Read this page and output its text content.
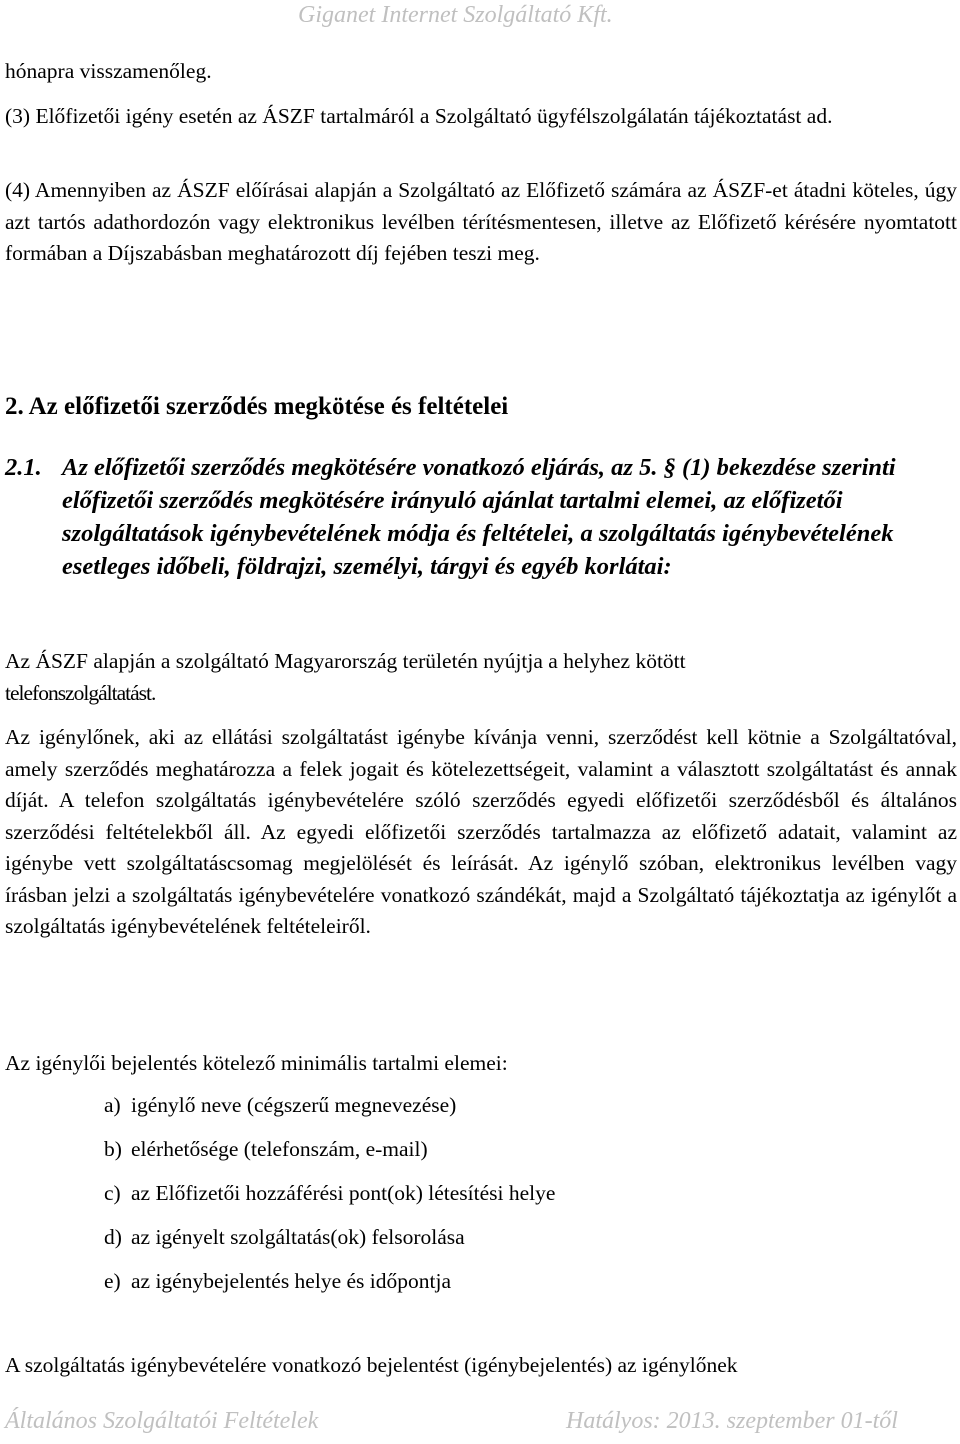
Giganet Internet Szolgáltató Kft.
hónapra visszamenőleg.
(3) Előfizetői igény esetén az ÁSZF tartalmáról a Szolgáltató ügyfélszolgálatán tájékoztatást ad.
(4) Amennyiben az ÁSZF előírásai alapján a Szolgáltató az Előfizető számára az ÁSZF-et átadni köteles, úgy azt tartós adathordozón vagy elektronikus levélben térítésmentesen, illetve az Előfizető kérésére nyomtatott formában a Díjszabásban meghatározott díj fejében teszi meg.
2. Az előfizetői szerződés megkötése és feltételei
2.1. Az előfizetői szerződés megkötésére vonatkozó eljárás, az 5. § (1) bekezdése szerinti előfizetői szerződés megkötésére irányuló ajánlat tartalmi elemei, az előfizetői szolgáltatások igénybevételének módja és feltételei, a szolgáltatás igénybevételének esetleges időbeli, földrajzi, személyi, tárgyi és egyéb korlátai:
Az ÁSZF alapján a szolgáltató Magyarország területén nyújtja a helyhez kötött
telefonszolgáltatást.
Az igénylőnek, aki az ellátási szolgáltatást igénybe kívánja venni, szerződést kell kötnie a Szolgáltatóval, amely szerződés meghatározza a felek jogait és kötelezettségeit, valamint a választott szolgáltatást és annak díját. A telefon szolgáltatás igénybevételére szóló szerződés egyedi előfizetői szerződésből és általános szerződési feltételekből áll. Az egyedi előfizetői szerződés tartalmazza az előfizető adatait, valamint az igénybe vett szolgáltatáscsomag megjelölését és leírását. Az igénylő szóban, elektronikus levélben vagy írásban jelzi a szolgáltatás igénybevételére vonatkozó szándékát, majd a Szolgáltató tájékoztatja az igénylőt a szolgáltatás igénybevételének feltételeiről.
Az igénylői bejelentés kötelező minimális tartalmi elemei:
a) igénylő neve (cégszerű megnevezése)
b) elérhetősége (telefonszám, e-mail)
c) az Előfizetői hozzáférési pont(ok) létesítési helye
d) az igényelt szolgáltatás(ok) felsorolása
e) az igénybejelentés helye és időpontja
A szolgáltatás igénybevételére vonatkozó bejelentést (igénybejelentés) az igénylőnek
Általános Szolgáltatói Feltételek	Hatályos: 2013. szeptember 01-től
